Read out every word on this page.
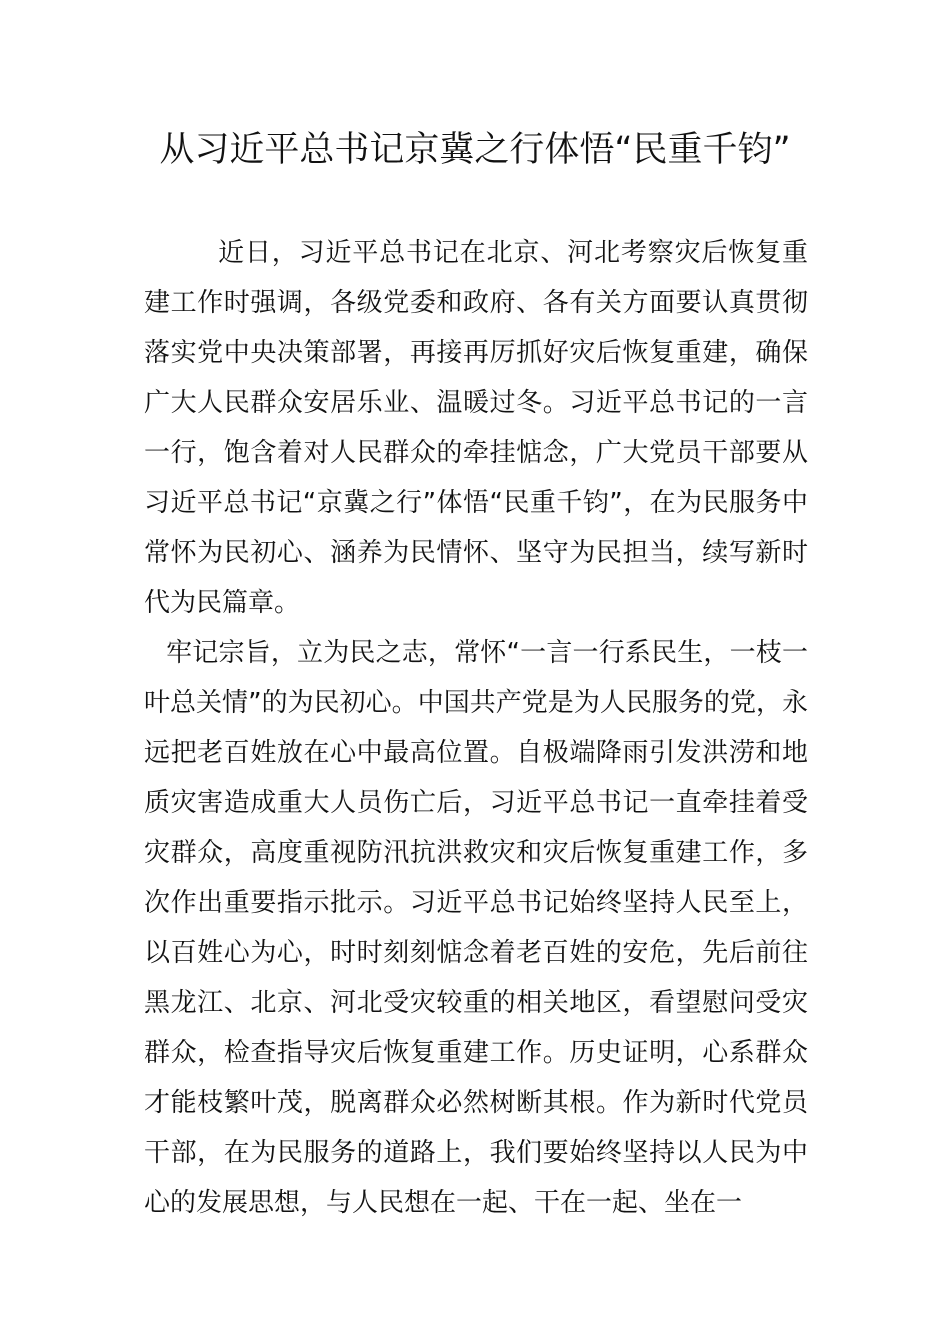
从习近平总书记京冀之行体悟“民重千钧”

近日，习近平总书记在北京、河北考察灾后恢复重建工作时强调，各级党委和政府、各有关方面要认真贯彻落实党中央决策部署，再接再厉抓好灾后恢复重建，确保广大人民群众安居乐业、温暖过冬。习近平总书记的一言一行，饱含着对人民群众的牵挂惦念，广大党员干部要从习近平总书记“京冀之行”体悟“民重千钧”，在为民服务中常怀为民初心、涵养为民情怀、坚守为民担当，续写新时代为民篇章。

牢记宗旨，立为民之志，常怀“一言一行系民生，一枝一叶总关情”的为民初心。中国共产党是为人民服务的党，永远把老百姓放在心中最高位置。自极端降雨引发洪涝和地质灾害造成重大人员伤亡后，习近平总书记一直牵挂着受灾群众，高度重视防汛抗洪救灾和灾后恢复重建工作，多次作出重要指示批示。习近平总书记始终坚持人民至上，以百姓心为心，时时刻刻惦念着老百姓的安危，先后前往黑龙江、北京、河北受灾较重的相关地区，看望慰问受灾群众，检查指导灾后恢复重建工作。历史证明，心系群众才能枝繁叶茂，脱离群众必然树断其根。作为新时代党员干部，在为民服务的道路上，我们要始终坚持以人民为中心的发展思想，与人民想在一起、干在一起、坐在一
